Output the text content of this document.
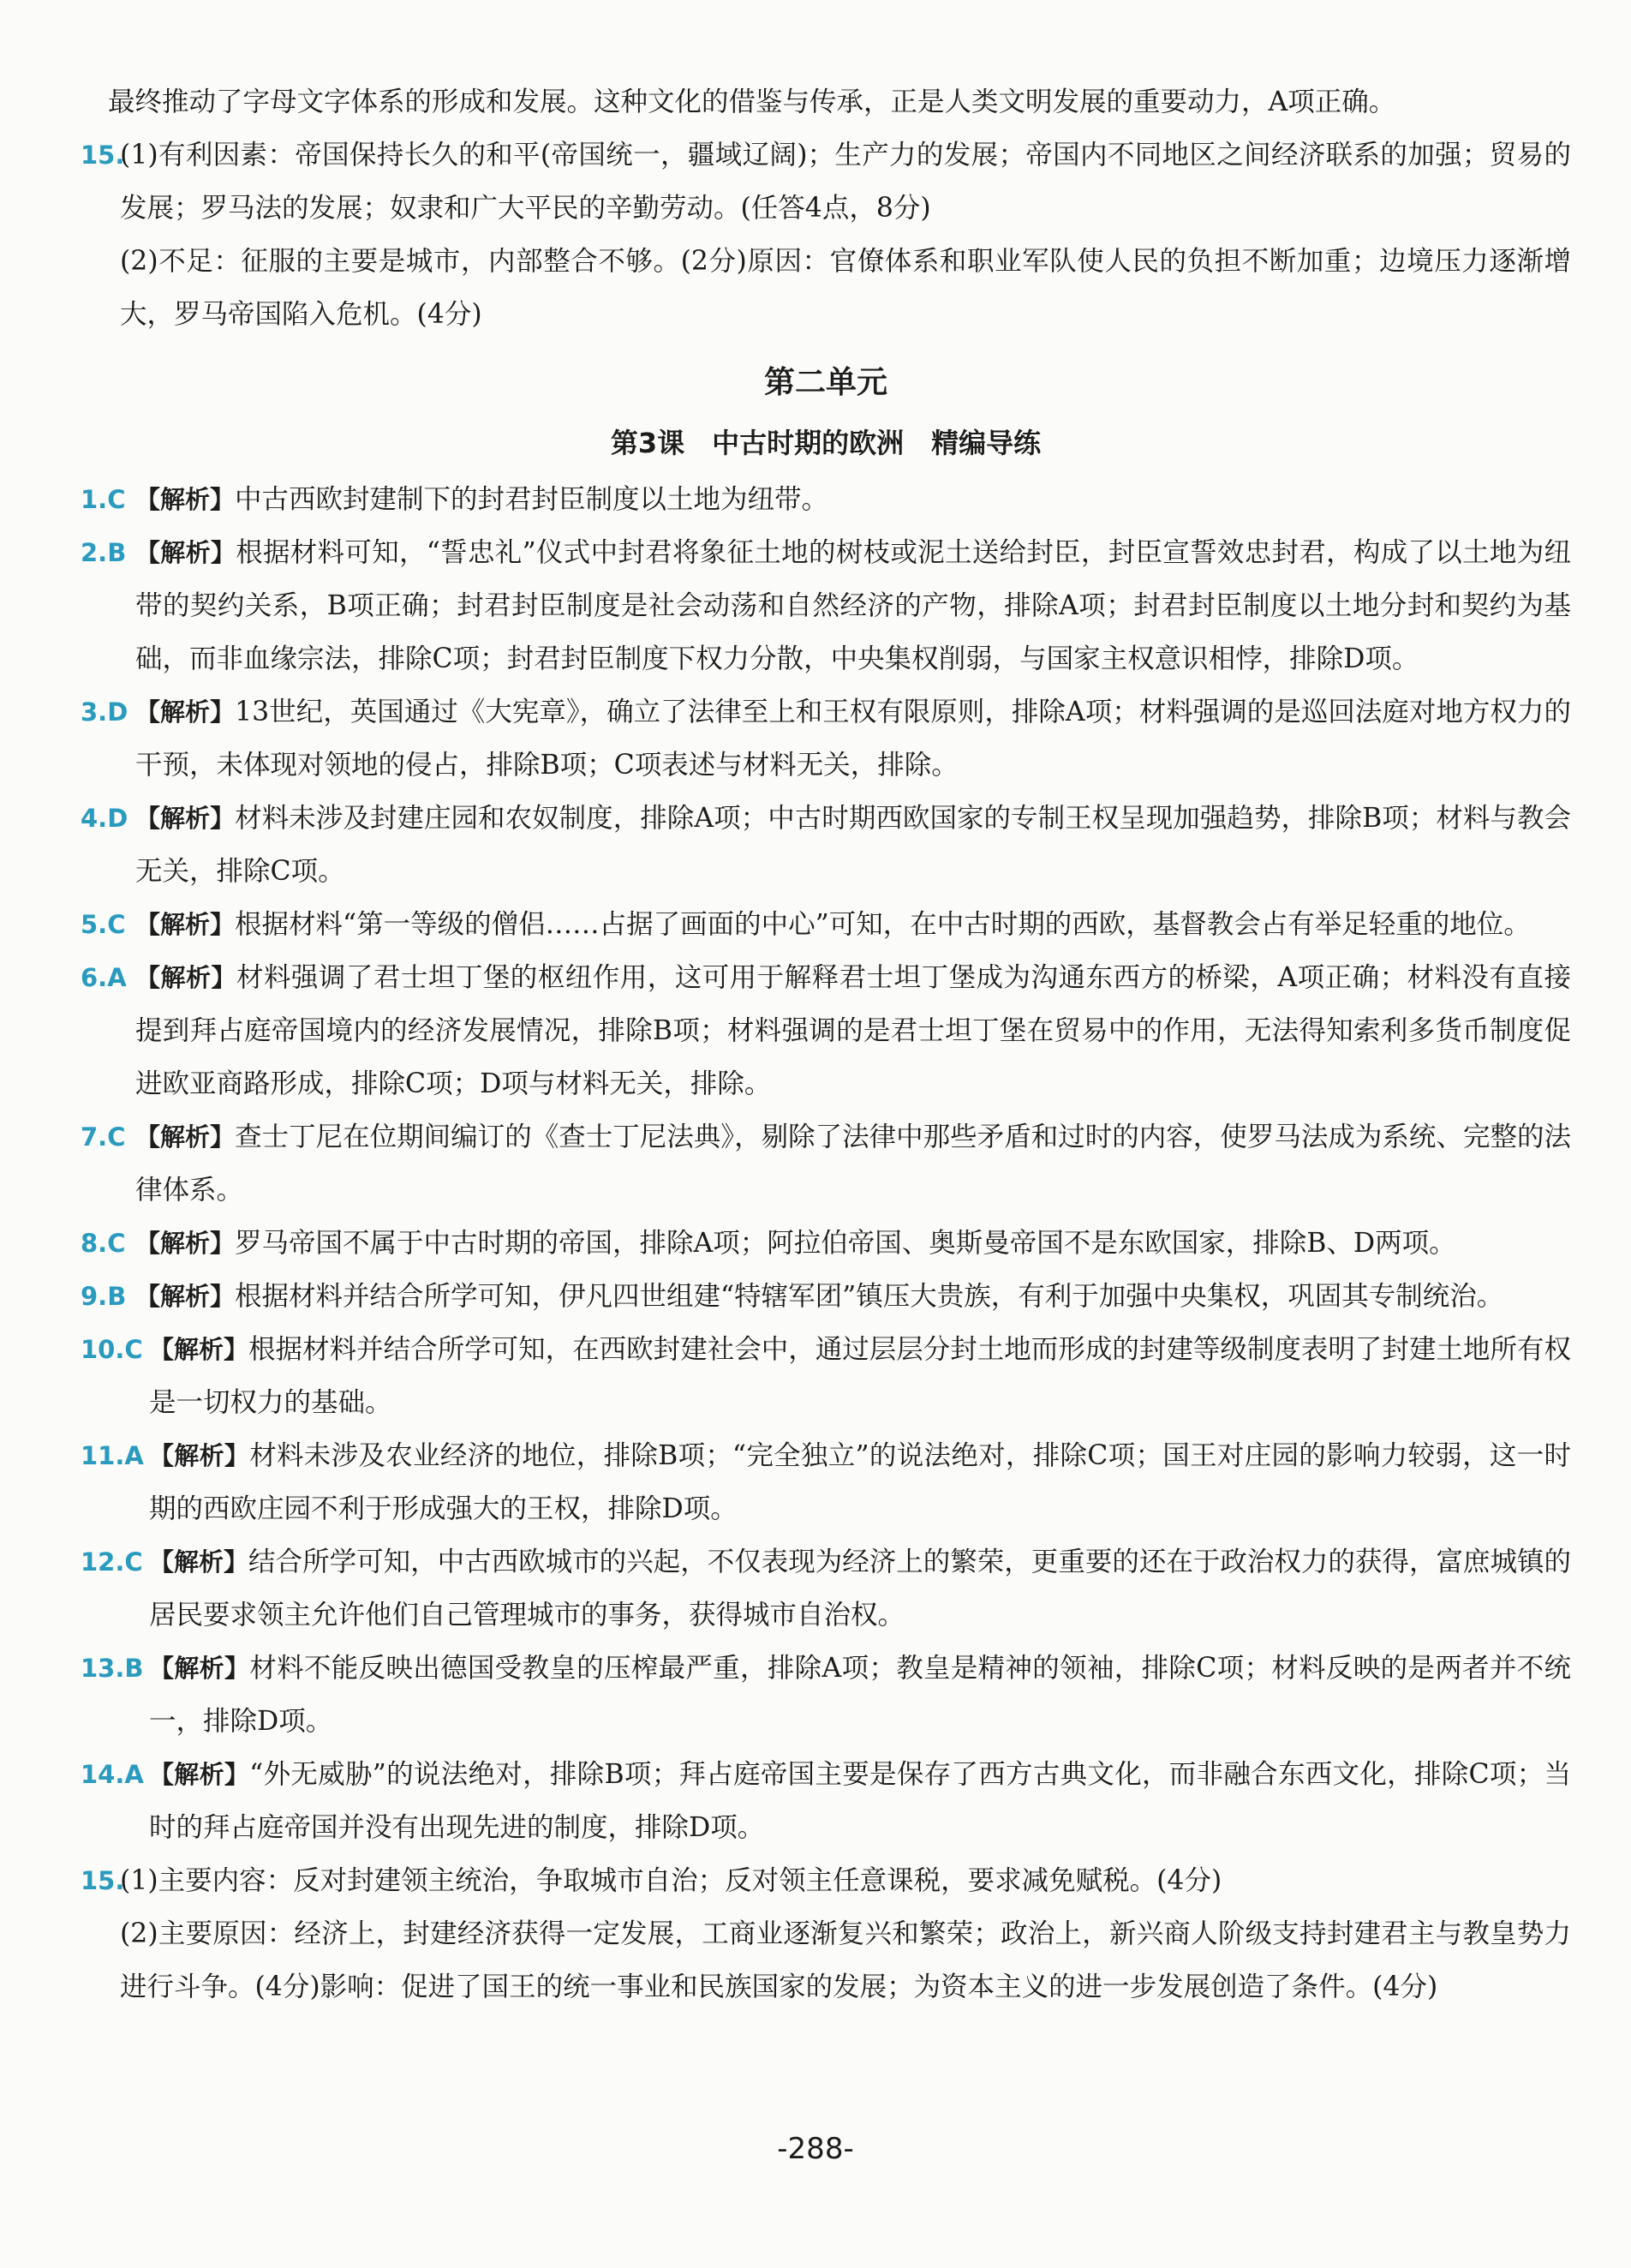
最终推动了字母文字体系的形成和发展。这种文化的借鉴与传承，正是人类文明发展的重要动力，A项正确。

15.

(1)有利因素：帝国保持长久的和平(帝国统一，疆域辽阔)；生产力的发展；帝国内不同地区之间经济联系的加强；贸易的发展；罗马法的发展；奴隶和广大平民的辛勤劳动。(任答4点，8分)

(2)不足：征服的主要是城市，内部整合不够。(2分)原因：官僚体系和职业军队使人民的负担不断加重；边境压力逐渐增大，罗马帝国陷入危机。(4分)

第二单元
第3课　中古时期的欧洲　精编导练
1.C 【解析】中古西欧封建制下的封君封臣制度以土地为纽带。

2.B 【解析】根据材料可知，“誓忠礼”仪式中封君将象征土地的树枝或泥土送给封臣，封臣宣誓效忠封君，构成了以土地为纽带的契约关系，B项正确；封君封臣制度是社会动荡和自然经济的产物，排除A项；封君封臣制度以土地分封和契约为基础，而非血缘宗法，排除C项；封君封臣制度下权力分散，中央集权削弱，与国家主权意识相悖，排除D项。

3.D 【解析】13世纪，英国通过《大宪章》，确立了法律至上和王权有限原则，排除A项；材料强调的是巡回法庭对地方权力的干预，未体现对领地的侵占，排除B项；C项表述与材料无关，排除。

4.D 【解析】材料未涉及封建庄园和农奴制度，排除A项；中古时期西欧国家的专制王权呈现加强趋势，排除B项；材料与教会无关，排除C项。

5.C 【解析】根据材料“第一等级的僧侣……占据了画面的中心”可知，在中古时期的西欧，基督教会占有举足轻重的地位。

6.A 【解析】材料强调了君士坦丁堡的枢纽作用，这可用于解释君士坦丁堡成为沟通东西方的桥梁，A项正确；材料没有直接提到拜占庭帝国境内的经济发展情况，排除B项；材料强调的是君士坦丁堡在贸易中的作用，无法得知索利多货币制度促进欧亚商路形成，排除C项；D项与材料无关，排除。

7.C 【解析】查士丁尼在位期间编订的《查士丁尼法典》，剔除了法律中那些矛盾和过时的内容，使罗马法成为系统、完整的法律体系。

8.C 【解析】罗马帝国不属于中古时期的帝国，排除A项；阿拉伯帝国、奥斯曼帝国不是东欧国家，排除B、D两项。

9.B 【解析】根据材料并结合所学可知，伊凡四世组建“特辖军团”镇压大贵族，有利于加强中央集权，巩固其专制统治。

10.C 【解析】根据材料并结合所学可知，在西欧封建社会中，通过层层分封土地而形成的封建等级制度表明了封建土地所有权是一切权力的基础。

11.A 【解析】材料未涉及农业经济的地位，排除B项；“完全独立”的说法绝对，排除C项；国王对庄园的影响力较弱，这一时期的西欧庄园不利于形成强大的王权，排除D项。

12.C 【解析】结合所学可知，中古西欧城市的兴起，不仅表现为经济上的繁荣，更重要的还在于政治权力的获得，富庶城镇的居民要求领主允许他们自己管理城市的事务，获得城市自治权。

13.B 【解析】材料不能反映出德国受教皇的压榨最严重，排除A项；教皇是精神的领袖，排除C项；材料反映的是两者并不统一，排除D项。

14.A 【解析】“外无威胁”的说法绝对，排除B项；拜占庭帝国主要是保存了西方古典文化，而非融合东西文化，排除C项；当时的拜占庭帝国并没有出现先进的制度，排除D项。

15.

(1)主要内容：反对封建领主统治，争取城市自治；反对领主任意课税，要求减免赋税。(4分)

(2)主要原因：经济上，封建经济获得一定发展，工商业逐渐复兴和繁荣；政治上，新兴商人阶级支持封建君主与教皇势力进行斗争。(4分)影响：促进了国王的统一事业和民族国家的发展；为资本主义的进一步发展创造了条件。(4分)

-288-
